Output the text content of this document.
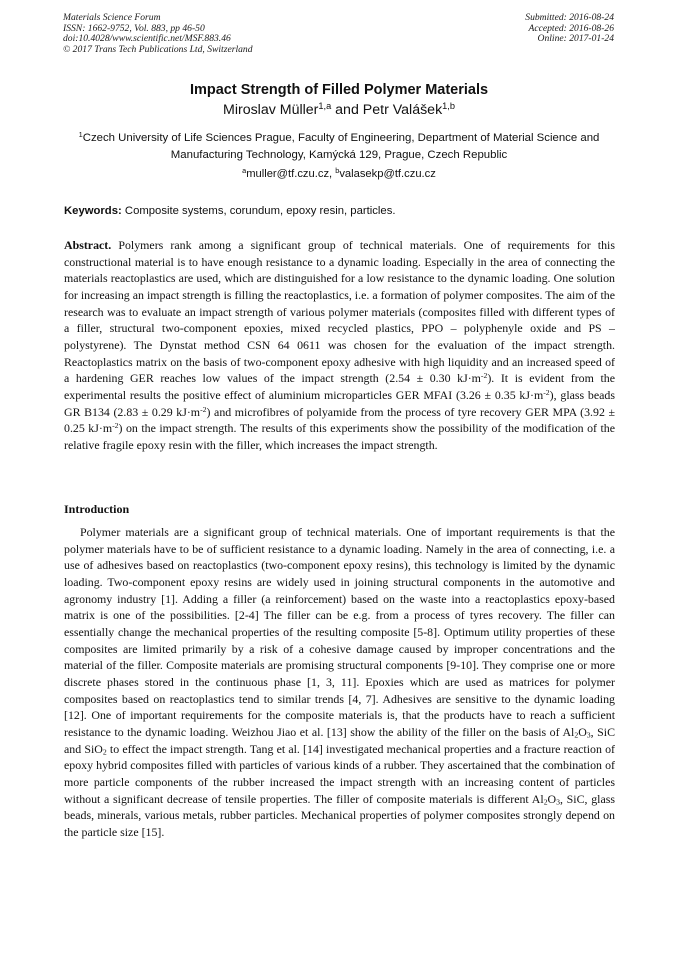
Materials Science Forum
ISSN: 1662-9752, Vol. 883, pp 46-50
doi:10.4028/www.scientific.net/MSF.883.46
© 2017 Trans Tech Publications Ltd, Switzerland
Submitted: 2016-08-24
Accepted: 2016-08-26
Online: 2017-01-24
Impact Strength of Filled Polymer Materials
Miroslav Müller$^{1,a}$ and Petr Valášek$^{1,b}$
$^1$Czech University of Life Sciences Prague, Faculty of Engineering, Department of Material Science and Manufacturing Technology, Kamýcká 129, Prague, Czech Republic
$^a$muller@tf.czu.cz, $^b$valasekp@tf.czu.cz
Keywords: Composite systems, corundum, epoxy resin, particles.
Abstract. Polymers rank among a significant group of technical materials. One of requirements for this constructional material is to have enough resistance to a dynamic loading. Especially in the area of connecting the materials reactoplastics are used, which are distinguished for a low resistance to the dynamic loading. One solution for increasing an impact strength is filling the reactoplastics, i.e. a formation of polymer composites. The aim of the research was to evaluate an impact strength of various polymer materials (composites filled with different types of a filler, structural two-component epoxies, mixed recycled plastics, PPO – polyphenyle oxide and PS – polystyrene). The Dynstat method CSN 64 0611 was chosen for the evaluation of the impact strength. Reactoplastics matrix on the basis of two-component epoxy adhesive with high liquidity and an increased speed of a hardening GER reaches low values of the impact strength (2.54 ± 0.30 $kJ\cdot m^{-2}$). It is evident from the experimental results the positive effect of aluminium microparticles GER MFAI (3.26 ± 0.35 $kJ\cdot m^{-2}$), glass beads GR B134 (2.83 ± 0.29 $kJ\cdot m^{-2}$) and microfibres of polyamide from the process of tyre recovery GER MPA (3.92 ± 0.25 $kJ\cdot m^{-2}$) on the impact strength. The results of this experiments show the possibility of the modification of the relative fragile epoxy resin with the filler, which increases the impact strength.
Introduction
Polymer materials are a significant group of technical materials. One of important requirements is that the polymer materials have to be of sufficient resistance to a dynamic loading. Namely in the area of connecting, i.e. a use of adhesives based on reactoplastics (two-component epoxy resins), this technology is limited by the dynamic loading. Two-component epoxy resins are widely used in joining structural components in the automotive and agronomy industry [1]. Adding a filler (a reinforcement) based on the waste into a reactoplastics epoxy-based matrix is one of the possibilities. [2-4] The filler can be e.g. from a process of tyres recovery. The filler can essentially change the mechanical properties of the resulting composite [5-8]. Optimum utility properties of these composites are limited primarily by a risk of a cohesive damage caused by improper concentrations and the material of the filler. Composite materials are promising structural components [9-10]. They comprise one or more discrete phases stored in the continuous phase [1, 3, 11]. Epoxies which are used as matrices for polymer composites based on reactoplastics tend to similar trends [4, 7]. Adhesives are sensitive to the dynamic loading [12]. One of important requirements for the composite materials is, that the products have to reach a sufficient resistance to the dynamic loading. Weizhou Jiao et al. [13] show the ability of the filler on the basis of $Al_2O_3$, SiC and SiO$_2$ to effect the impact strength. Tang et al. [14] investigated mechanical properties and a fracture reaction of epoxy hybrid composites filled with particles of various kinds of a rubber. They ascertained that the combination of more particle components of the rubber increased the impact strength with an increasing content of particles without a significant decrease of tensile properties. The filler of composite materials is different $Al_2O_3$, SiC, glass beads, minerals, various metals, rubber particles. Mechanical properties of polymer composites strongly depend on the particle size [15].
